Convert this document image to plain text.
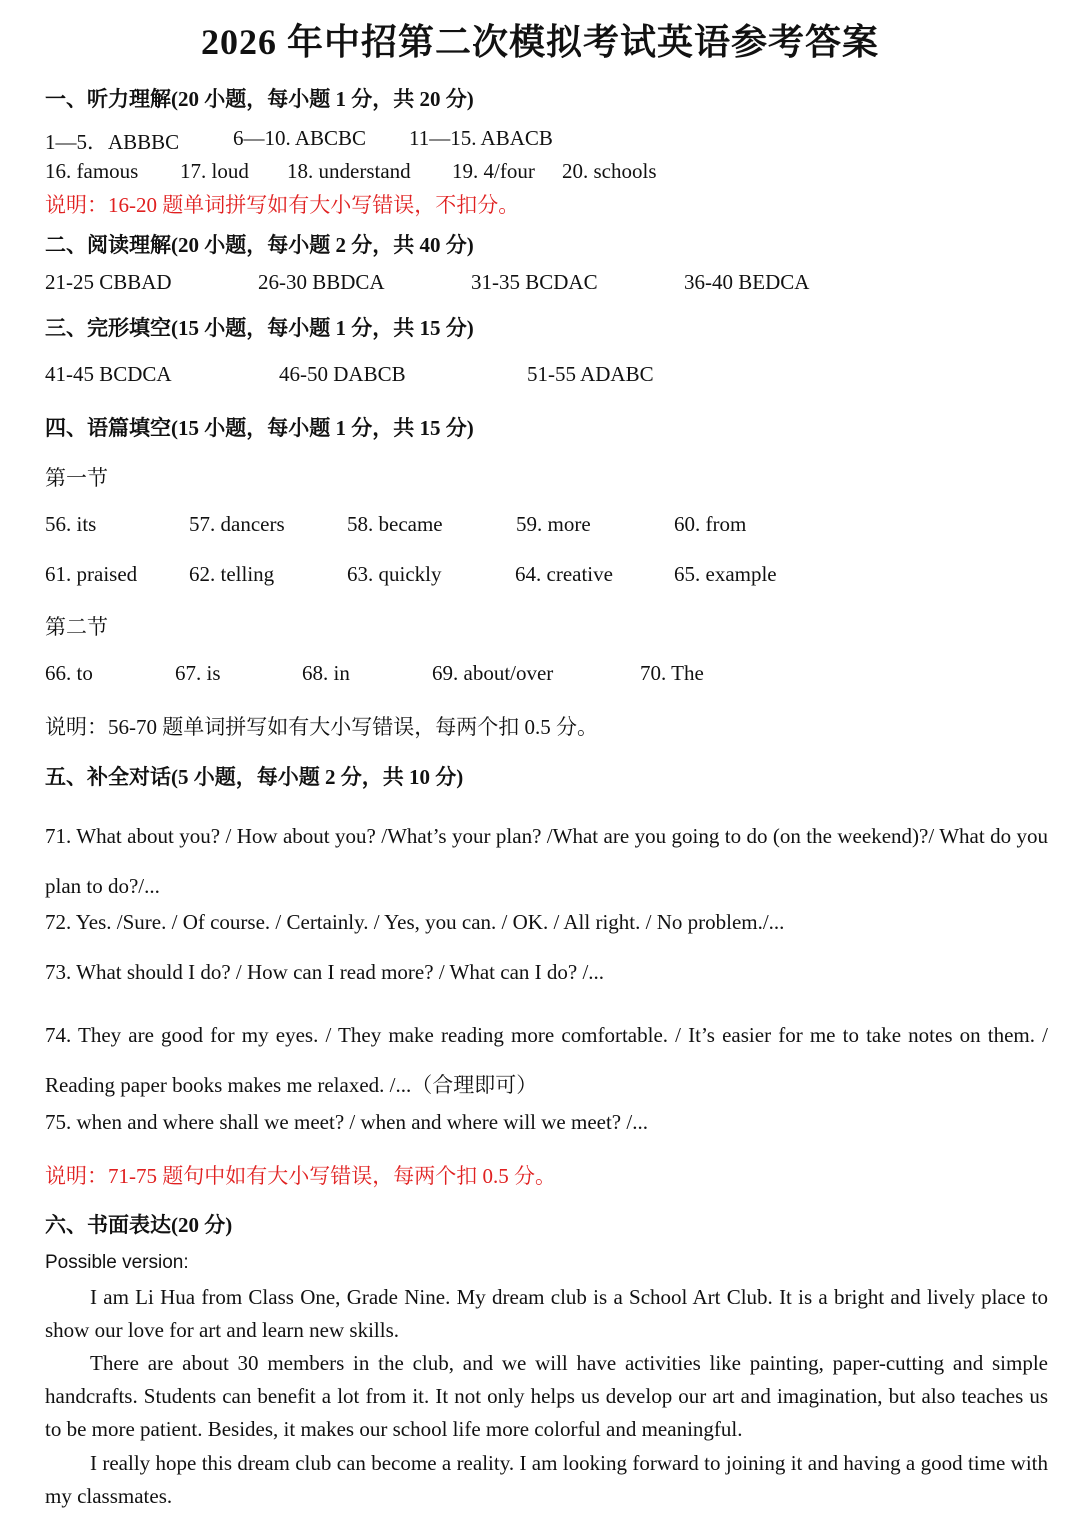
2026 年中招第二次模拟考试英语参考答案
一、听力理解(20 小题，每小题 1 分，共 20 分)
1—5．ABBBC	6—10. ABCBC 11—15. ABACB
16. famous 17. loud 18. understand 19. 4/four 20. schools
说明：16-20 题单词拼写如有大小写错误，不扣分。
二、阅读理解(20 小题，每小题 2 分，共 40 分)
21-25 CBBAD	26-30 BBDCA	31-35 BCDAC	36-40 BEDCA
三、完形填空(15 小题，每小题 1 分，共 15 分)
41-45 BCDCA	46-50 DABCB	51-55 ADABC
四、语篇填空(15 小题，每小题 1 分，共 15 分)
第一节
56. its	57. dancers	58. became	59. more	60. from
61. praised 62. telling	63. quickly	64. creative	65. example
第二节
66. to	67. is	68. in	69. about/over	70. The
说明：56-70 题单词拼写如有大小写错误，每两个扣 0.5 分。
五、补全对话(5 小题，每小题 2 分，共 10 分)
71. What about you? / How about you? /What’s your plan? /What are you going to do (on the weekend)?/ What do you plan to do?/...
72. Yes. /Sure. / Of course. / Certainly. / Yes, you can. / OK. / All right. / No problem./...
73. What should I do? / How can I read more? / What can I do? /...
74. They are good for my eyes. / They make reading more comfortable. / It’s easier for me to take notes on them. / Reading paper books makes me relaxed. /...（合理即可）
75. when and where shall we meet? / when and where will we meet? /...
说明：71-75 题句中如有大小写错误，每两个扣 0.5 分。
六、书面表达(20 分)
Possible version:
I am Li Hua from Class One, Grade Nine. My dream club is a School Art Club. It is a bright and lively place to show our love for art and learn new skills.
There are about 30 members in the club, and we will have activities like painting, paper-cutting and simple handcrafts. Students can benefit a lot from it. It not only helps us develop our art and imagination, but also teaches us to be more patient. Besides, it makes our school life more colorful and meaningful.
I really hope this dream club can become a reality. I am looking forward to joining it and having a good time with my classmates.
